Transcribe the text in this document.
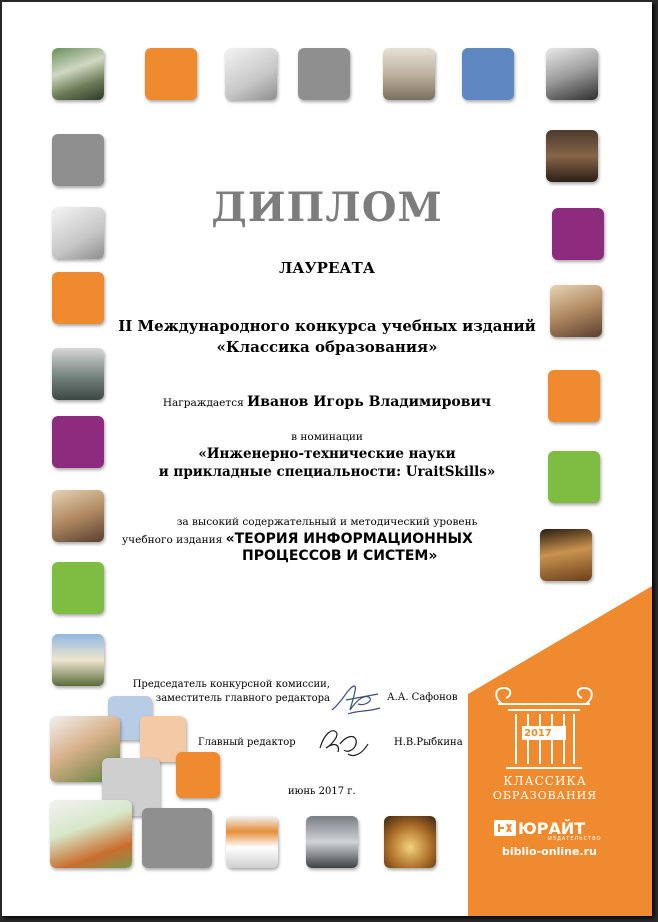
2017
КЛАССИКА
ОБРАЗОВАНИЯ
ЮРАЙТ
ИЗДАТЕЛЬСТВО
biblio-online.ru
ДИПЛОМ
ЛАУРЕАТА
II Международного конкурса учебных изданий
«Классика образования»
Награждается Иванов Игорь Владимирович
в номинации
«Инженерно-технические науки
и прикладные специальности: UraitSkills»
за высокий содержательный и методический уровень
учебного издания «ТЕОРИЯ ИНФОРМАЦИОННЫХ
ПРОЦЕССОВ И СИСТЕМ»
Председатель конкурсной комиссии,
заместитель главного редактора	А.А. Сафонов
Главный редактор	Н.В.Рыбкина
июнь 2017 г.
